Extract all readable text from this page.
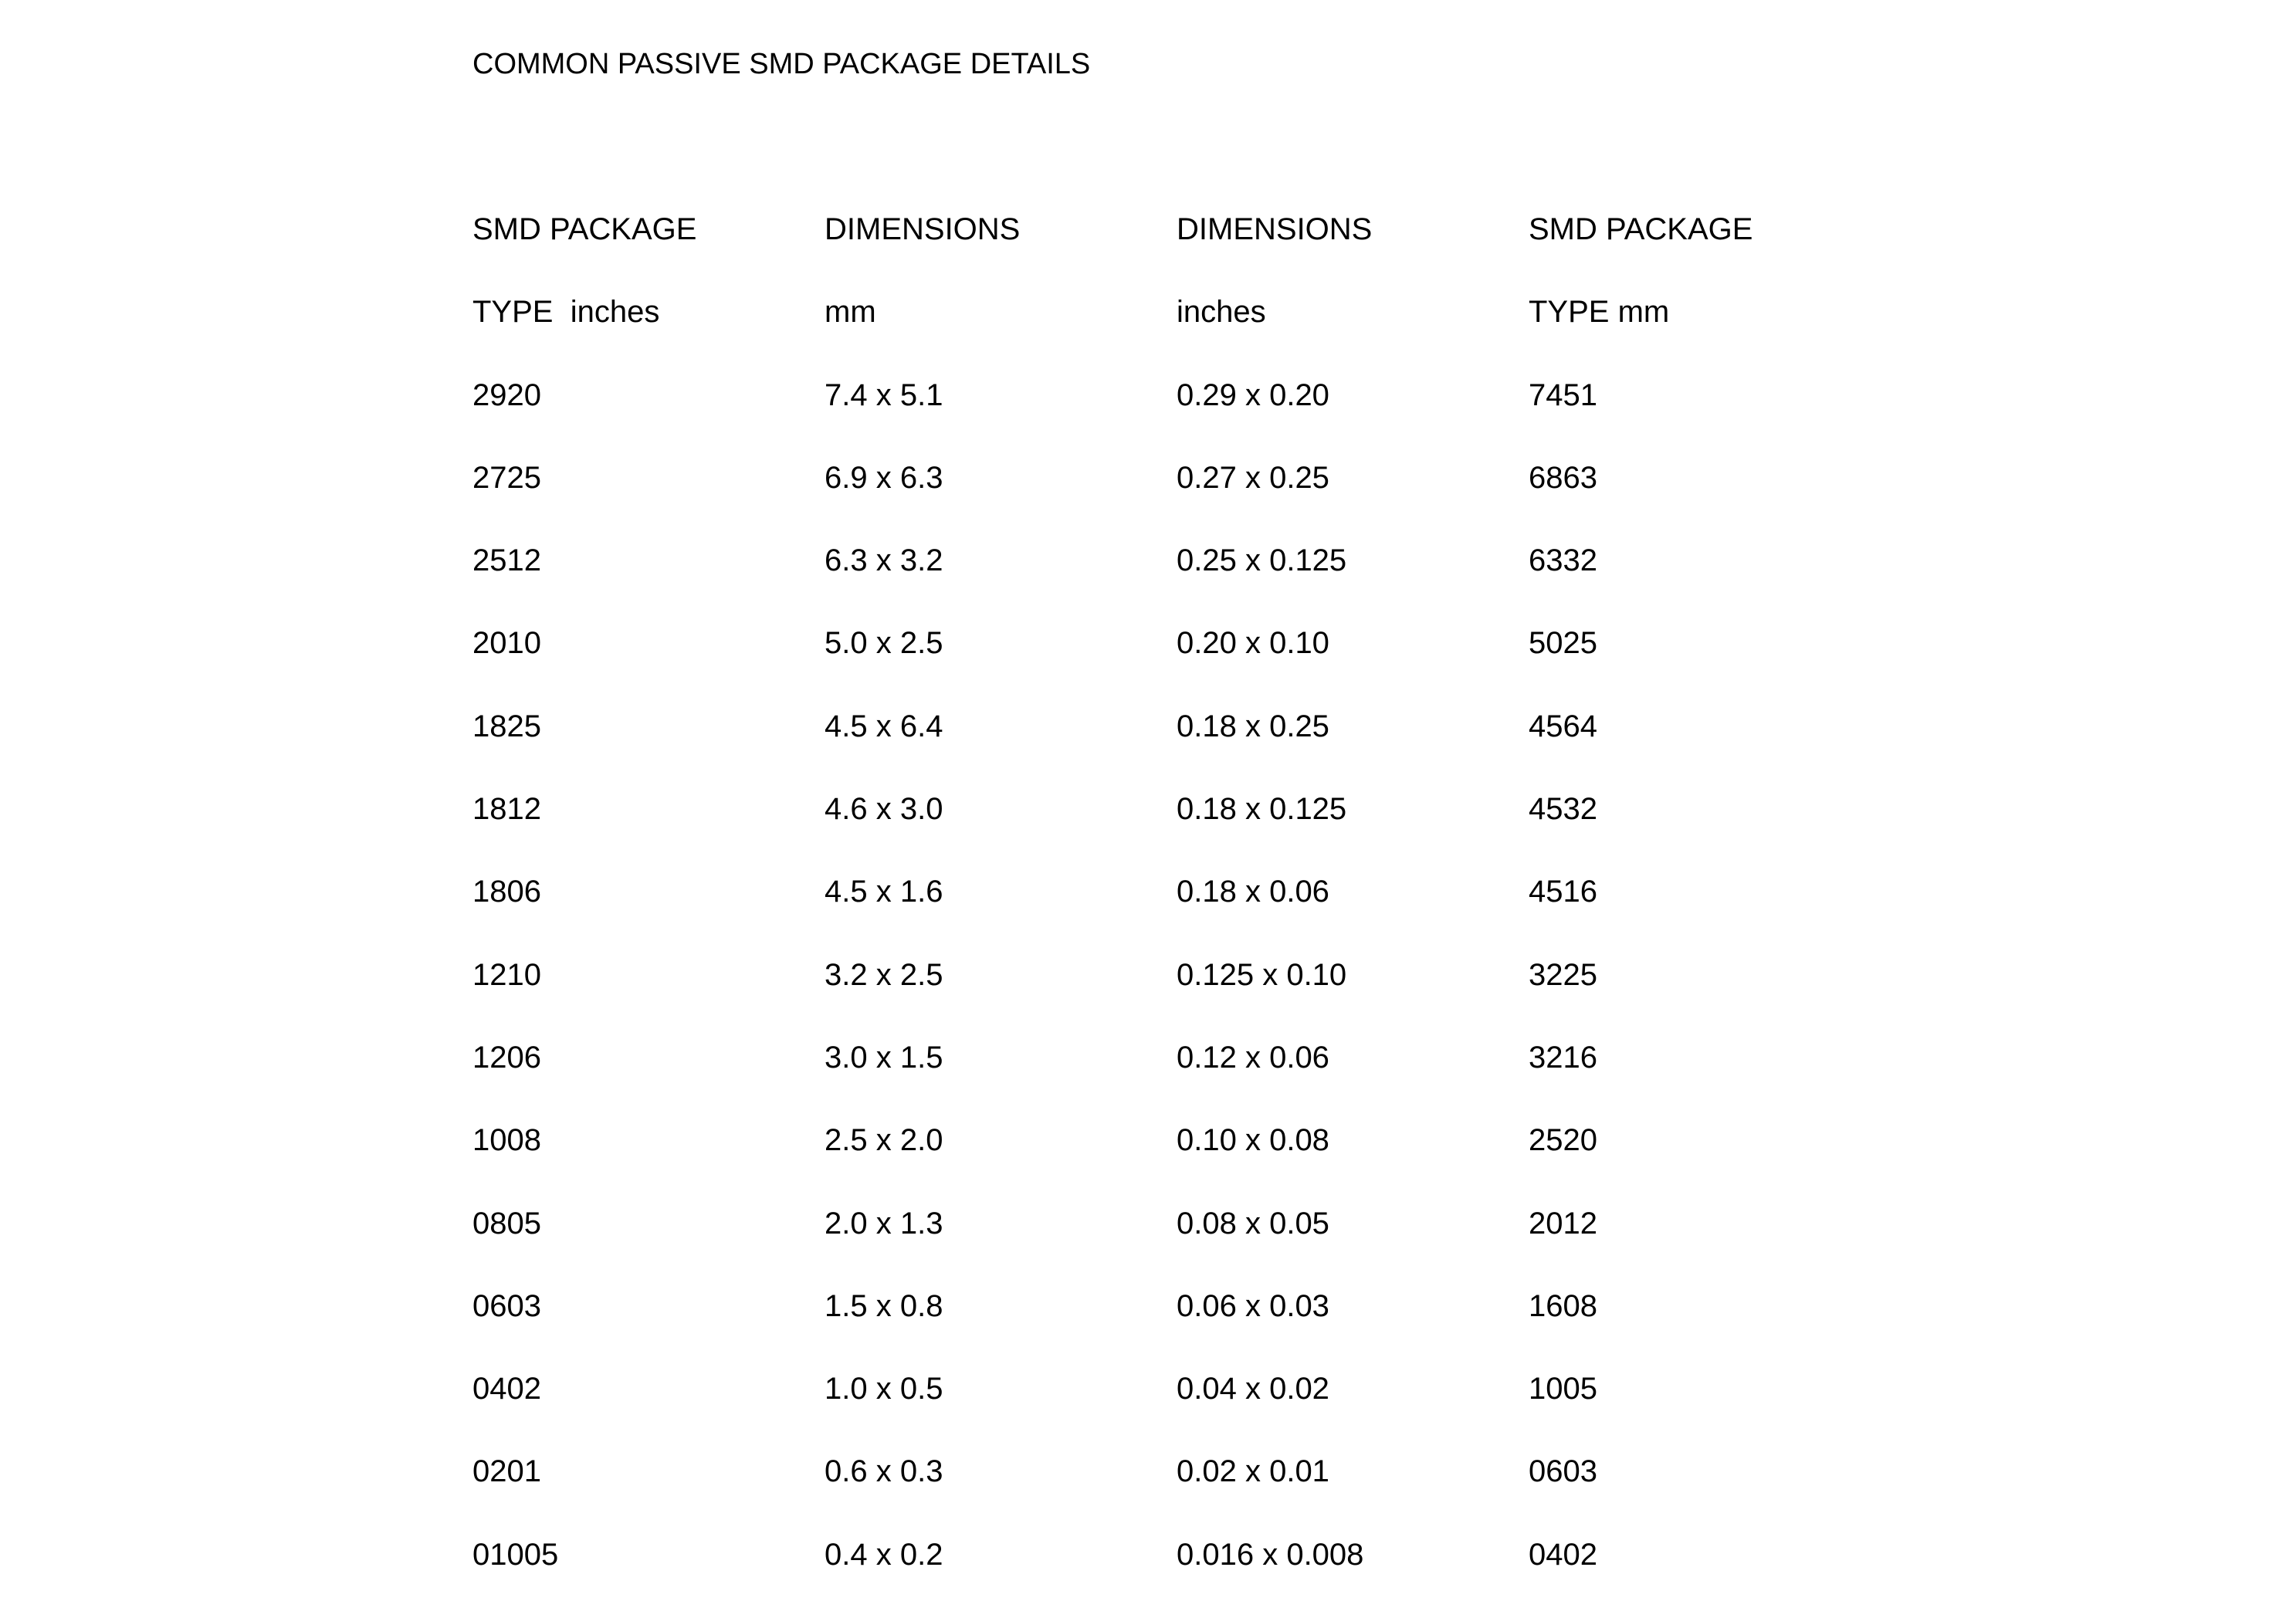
COMMON PASSIVE SMD PACKAGE DETAILS
SMD PACKAGE	DIMENSIONS	DIMENSIONS	SMD PACKAGE
TYPE  inches	mm	inches	TYPE mm
2920	7.4 x 5.1	0.29 x 0.20	7451
2725	6.9 x 6.3	0.27 x 0.25	6863
2512	6.3 x 3.2	0.25 x 0.125	6332
2010	5.0 x 2.5	0.20 x 0.10	5025
1825	4.5 x 6.4	0.18 x 0.25	4564
1812	4.6 x 3.0	0.18 x 0.125	4532
1806	4.5 x 1.6	0.18 x 0.06	4516
1210	3.2 x 2.5	0.125 x 0.10	3225
1206	3.0 x 1.5	0.12 x 0.06	3216
1008	2.5 x 2.0	0.10 x 0.08	2520
0805	2.0 x 1.3	0.08 x 0.05	2012
0603	1.5 x 0.8	0.06 x 0.03	1608
0402	1.0 x 0.5	0.04 x 0.02	1005
0201	0.6 x 0.3	0.02 x 0.01	0603
01005	0.4 x 0.2	0.016 x 0.008	0402
